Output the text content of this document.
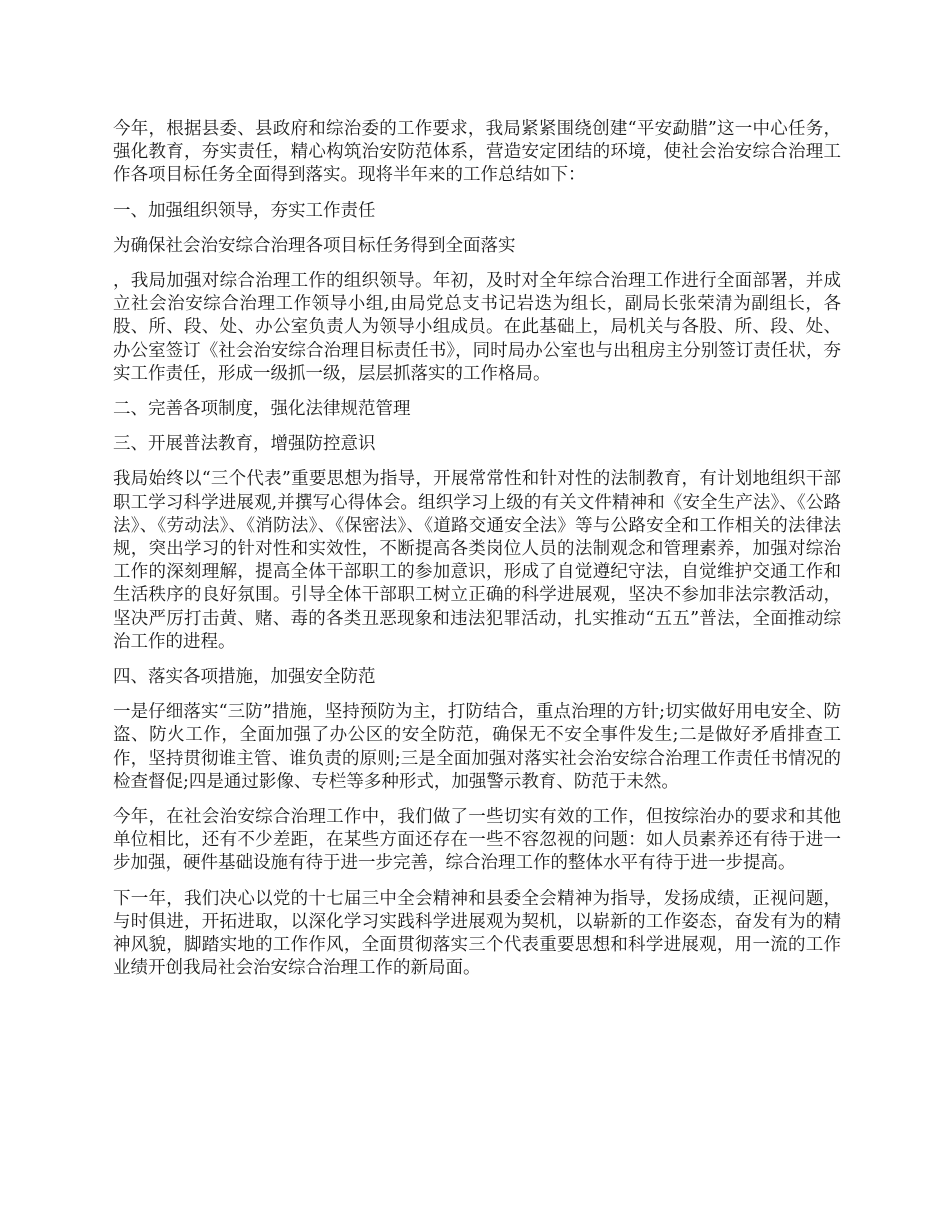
今年，根据县委、县政府和综治委的工作要求，我局紧紧围绕创建“平安勐腊”这一中心任务，强化教育，夯实责任，精心构筑治安防范体系，营造安定团结的环境，使社会治安综合治理工作各项目标任务全面得到落实。现将半年来的工作总结如下：

一、加强组织领导，夯实工作责任

为确保社会治安综合治理各项目标任务得到全面落实

，我局加强对综合治理工作的组织领导。年初，及时对全年综合治理工作进行全面部署，并成立社会治安综合治理工作领导小组,由局党总支书记岩迭为组长，副局长张荣清为副组长，各股、所、段、处、办公室负责人为领导小组成员。在此基础上，局机关与各股、所、段、处、办公室签订《社会治安综合治理目标责任书》，同时局办公室也与出租房主分别签订责任状，夯实工作责任，形成一级抓一级，层层抓落实的工作格局。

二、完善各项制度，强化法律规范管理

三、开展普法教育，增强防控意识

我局始终以“三个代表”重要思想为指导，开展常常性和针对性的法制教育，有计划地组织干部职工学习科学进展观,并撰写心得体会。组织学习上级的有关文件精神和《安全生产法》、《公路法》、《劳动法》、《消防法》、《保密法》、《道路交通安全法》等与公路安全和工作相关的法律法规，突出学习的针对性和实效性，不断提高各类岗位人员的法制观念和管理素养，加强对综治工作的深刻理解，提高全体干部职工的参加意识，形成了自觉遵纪守法，自觉维护交通工作和生活秩序的良好氛围。引导全体干部职工树立正确的科学进展观，坚决不参加非法宗教活动，坚决严厉打击黄、赌、毒的各类丑恶现象和违法犯罪活动，扎实推动“五五”普法，全面推动综治工作的进程。

四、落实各项措施，加强安全防范

一是仔细落实“三防”措施，坚持预防为主，打防结合，重点治理的方针;切实做好用电安全、防盗、防火工作，全面加强了办公区的安全防范，确保无不安全事件发生;二是做好矛盾排查工作，坚持贯彻谁主管、谁负责的原则;三是全面加强对落实社会治安综合治理工作责任书情况的检查督促;四是通过影像、专栏等多种形式，加强警示教育、防范于未然。

今年，在社会治安综合治理工作中，我们做了一些切实有效的工作，但按综治办的要求和其他单位相比，还有不少差距，在某些方面还存在一些不容忽视的问题：如人员素养还有待于进一步加强，硬件基础设施有待于进一步完善，综合治理工作的整体水平有待于进一步提高。

下一年，我们决心以党的十七届三中全会精神和县委全会精神为指导，发扬成绩，正视问题，与时俱进，开拓进取，以深化学习实践科学进展观为契机，以崭新的工作姿态，奋发有为的精神风貌，脚踏实地的工作作风，全面贯彻落实三个代表重要思想和科学进展观，用一流的工作业绩开创我局社会治安综合治理工作的新局面。
